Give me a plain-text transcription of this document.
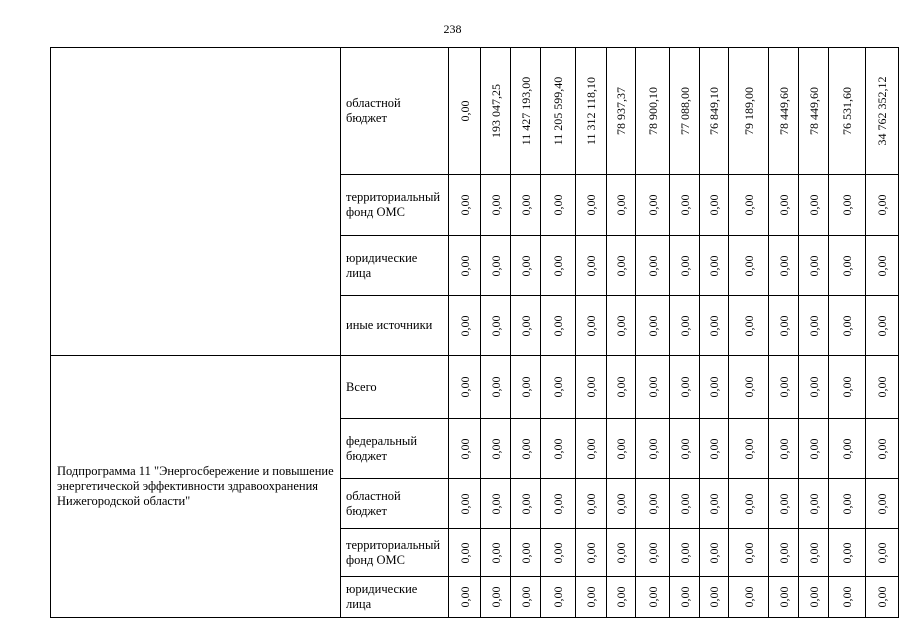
238
	областной бюджет	0,00	193 047,25	11 427 193,00	11 205 599,40	11 312 118,10	78 937,37	78 900,10	77 088,00	76 849,10	79 189,00	78 449,60	78 449,60	76 531,60	34 762 352,12

	территориальный фонд ОМС	0,00	0,00	0,00	0,00	0,00	0,00	0,00	0,00	0,00	0,00	0,00	0,00	0,00	0,00

	юридические лица	0,00	0,00	0,00	0,00	0,00	0,00	0,00	0,00	0,00	0,00	0,00	0,00	0,00	0,00

	иные источники	0,00	0,00	0,00	0,00	0,00	0,00	0,00	0,00	0,00	0,00	0,00	0,00	0,00	0,00

Подпрограмма 11 "Энергосбережение и повышение энергетической эффективности здравоохранения Нижегородской области"	Всего	0,00	0,00	0,00	0,00	0,00	0,00	0,00	0,00	0,00	0,00	0,00	0,00	0,00	0,00

	федеральный бюджет	0,00	0,00	0,00	0,00	0,00	0,00	0,00	0,00	0,00	0,00	0,00	0,00	0,00	0,00

	областной бюджет	0,00	0,00	0,00	0,00	0,00	0,00	0,00	0,00	0,00	0,00	0,00	0,00	0,00	0,00

	территориальный фонд ОМС	0,00	0,00	0,00	0,00	0,00	0,00	0,00	0,00	0,00	0,00	0,00	0,00	0,00	0,00

	юридические лица	0,00	0,00	0,00	0,00	0,00	0,00	0,00	0,00	0,00	0,00	0,00	0,00	0,00	0,00
